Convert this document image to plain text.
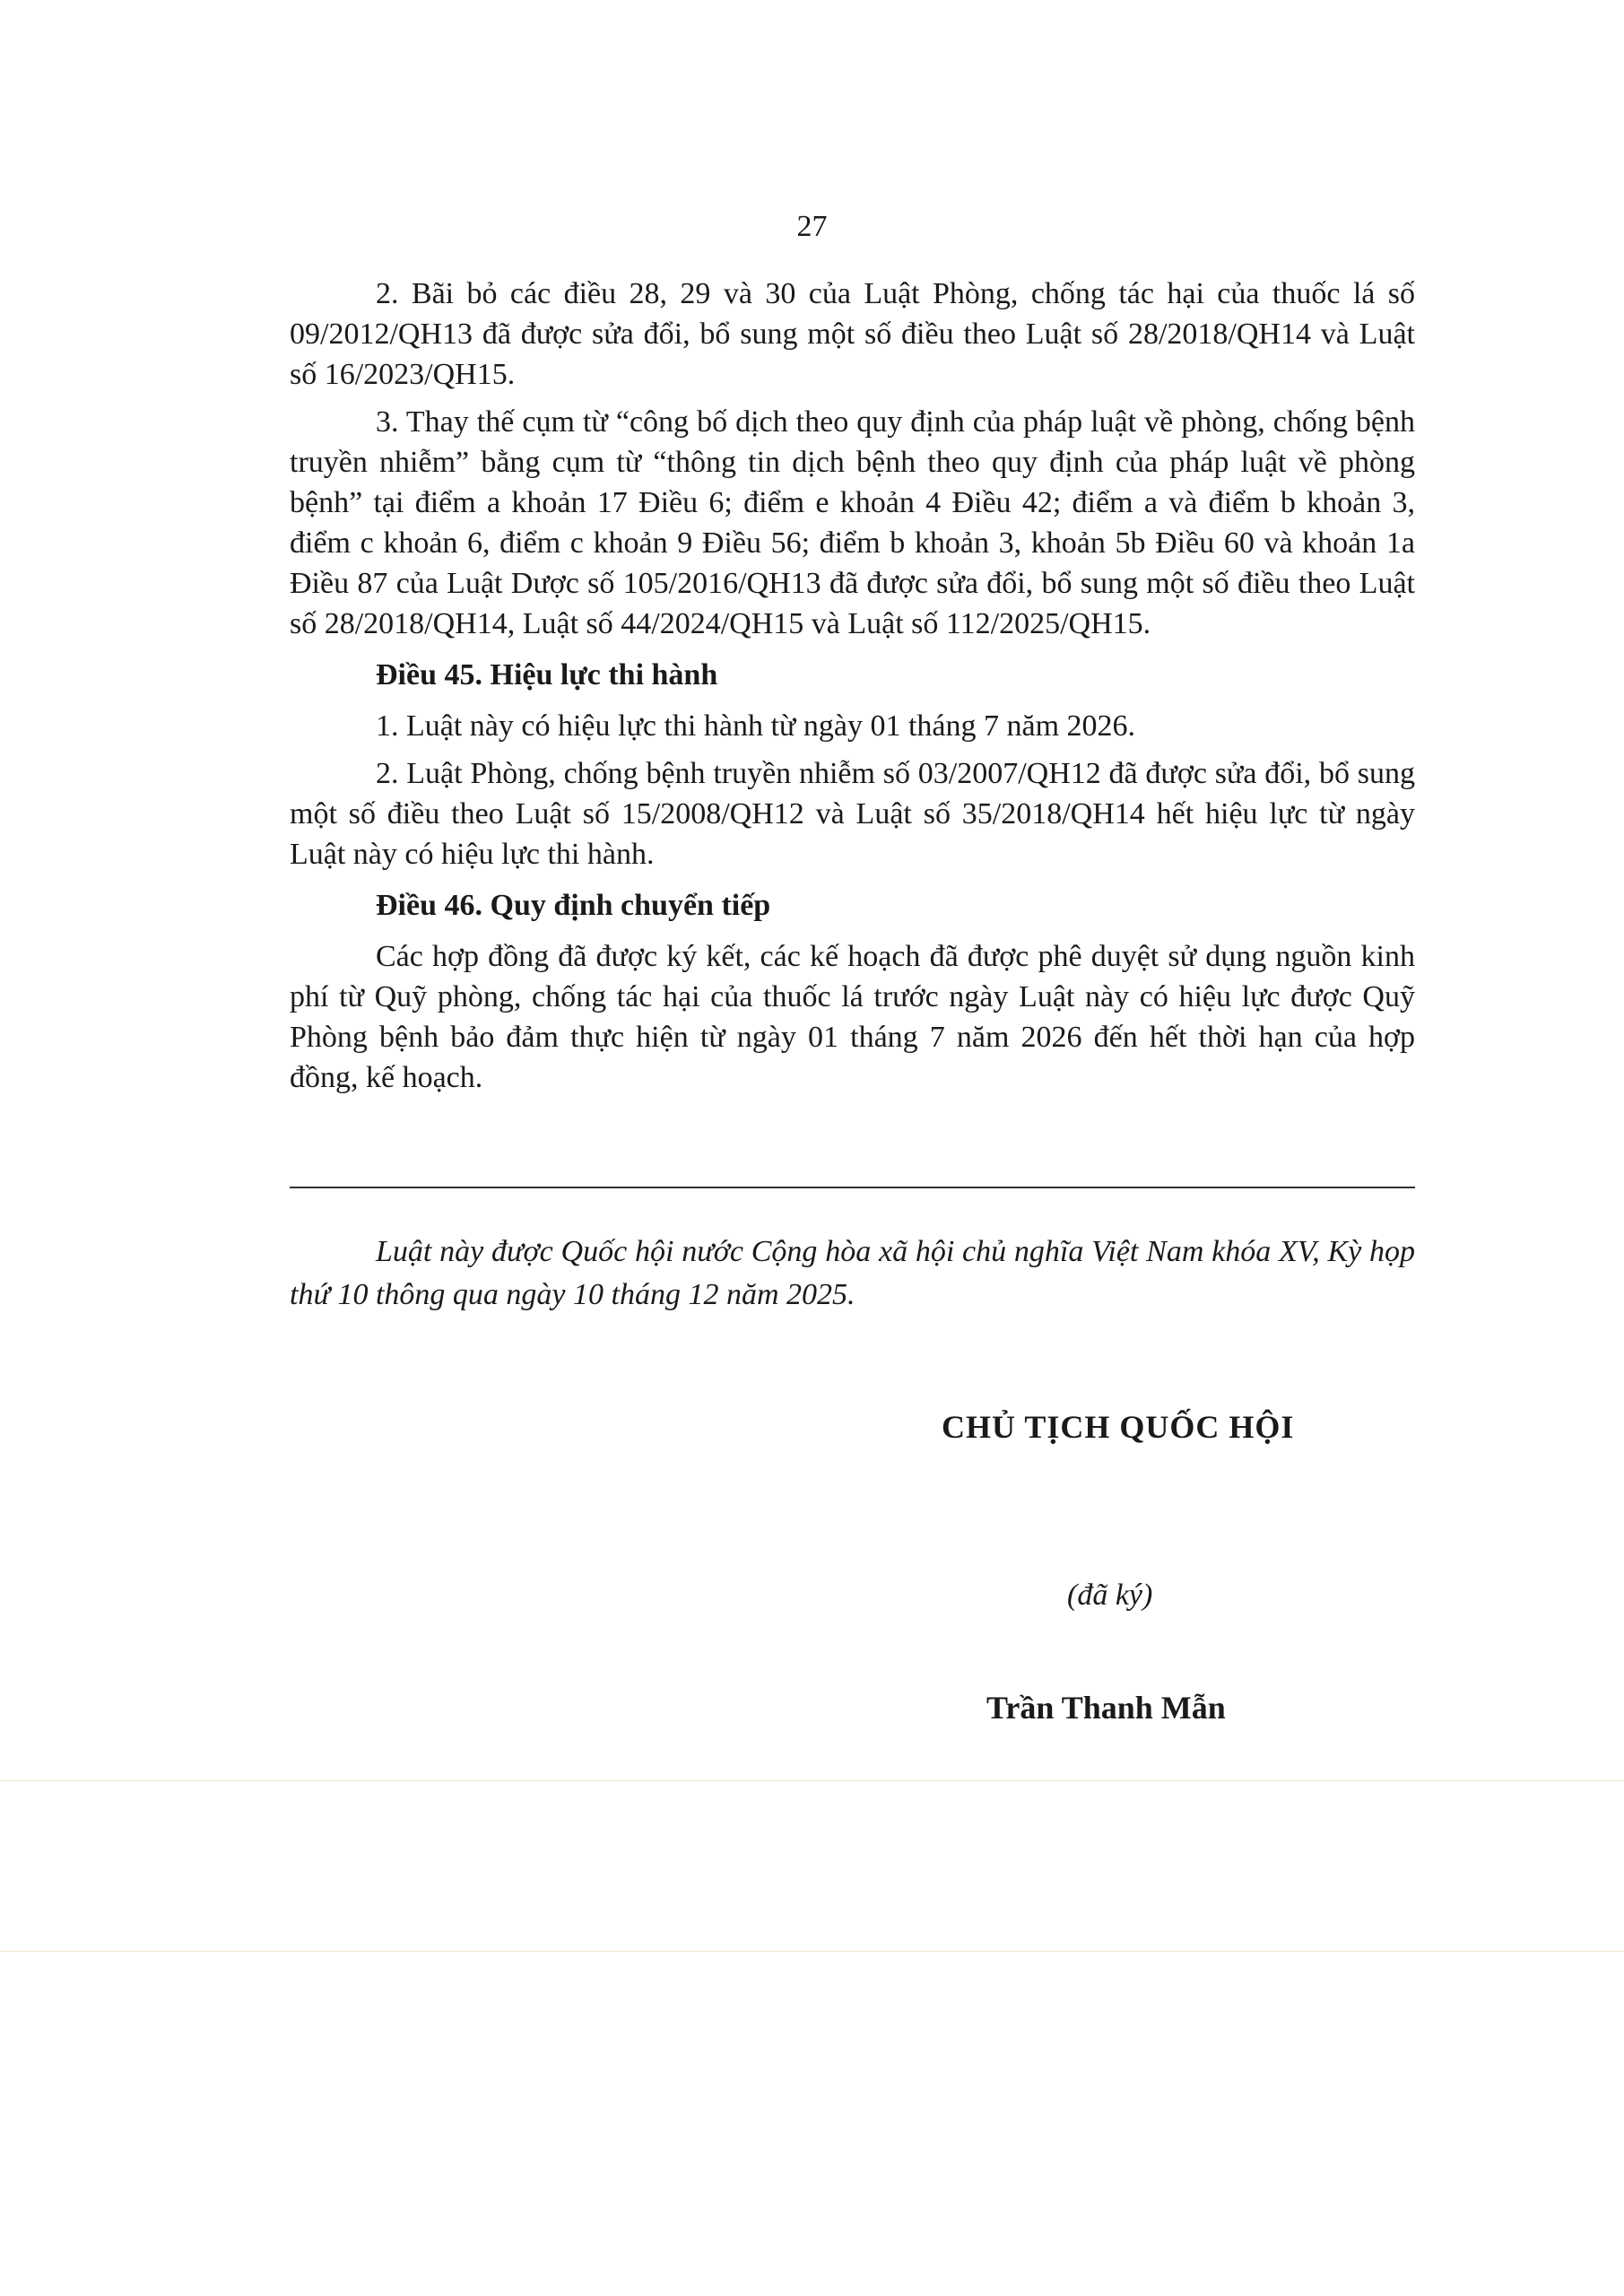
27

2. Bãi bỏ các điều 28, 29 và 30 của Luật Phòng, chống tác hại của thuốc lá số 09/2012/QH13 đã được sửa đổi, bổ sung một số điều theo Luật số 28/2018/QH14 và Luật số 16/2023/QH15.

3. Thay thế cụm từ “công bố dịch theo quy định của pháp luật về phòng, chống bệnh truyền nhiễm” bằng cụm từ “thông tin dịch bệnh theo quy định của pháp luật về phòng bệnh” tại điểm a khoản 17 Điều 6; điểm e khoản 4 Điều 42; điểm a và điểm b khoản 3, điểm c khoản 6, điểm c khoản 9 Điều 56; điểm b khoản 3, khoản 5b Điều 60 và khoản 1a Điều 87 của Luật Dược số 105/2016/QH13 đã được sửa đổi, bổ sung một số điều theo Luật số 28/2018/QH14, Luật số 44/2024/QH15 và Luật số 112/2025/QH15.

Điều 45. Hiệu lực thi hành

1. Luật này có hiệu lực thi hành từ ngày 01 tháng 7 năm 2026.

2. Luật Phòng, chống bệnh truyền nhiễm số 03/2007/QH12 đã được sửa đổi, bổ sung một số điều theo Luật số 15/2008/QH12 và Luật số 35/2018/QH14 hết hiệu lực từ ngày Luật này có hiệu lực thi hành.

Điều 46. Quy định chuyển tiếp

Các hợp đồng đã được ký kết, các kế hoạch đã được phê duyệt sử dụng nguồn kinh phí từ Quỹ phòng, chống tác hại của thuốc lá trước ngày Luật này có hiệu lực được Quỹ Phòng bệnh bảo đảm thực hiện từ ngày 01 tháng 7 năm 2026 đến hết thời hạn của hợp đồng, kế hoạch.

Luật này được Quốc hội nước Cộng hòa xã hội chủ nghĩa Việt Nam khóa XV, Kỳ họp thứ 10 thông qua ngày 10 tháng 12 năm 2025.

CHỦ TỊCH QUỐC HỘI
(đã ký)
Trần Thanh Mẫn
